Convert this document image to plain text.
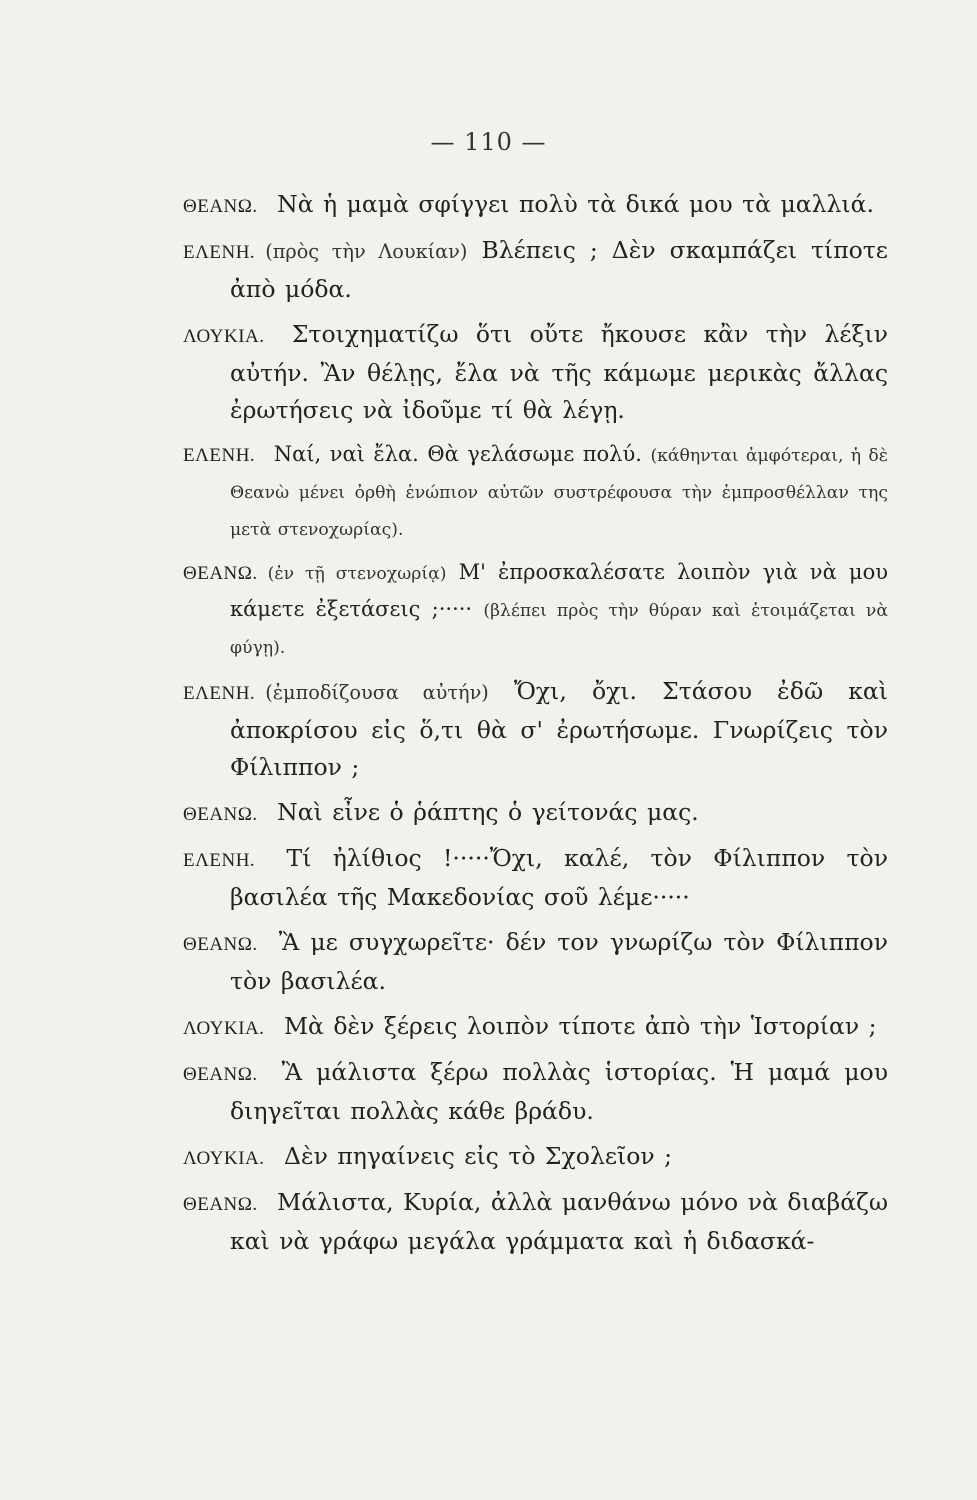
— 110 —

ΘΕΑΝΩ. Νὰ ἡ μαμὰ σφίγγει πολὺ τὰ δικά μου τὰ μαλλιά.

ΕΛΕΝΗ. (πρὸς τὴν Λουκίαν) Βλέπεις ; Δὲν σκαμπάζει τίποτε ἀπὸ μόδα.

ΛΟΥΚΙΑ. Στοιχηματίζω ὅτι οὔτε ἤκουσε κἂν τὴν λέξιν αὐτήν. Ἂν θέλῃς, ἔλα νὰ τῆς κάμωμε μερικὰς ἄλλας ἐρωτήσεις νὰ ἰδοῦμε τί θὰ λέγῃ.

ΕΛΕΝΗ. Ναί, ναὶ ἔλα. Θὰ γελάσωμε πολύ. (κάθηνται ἀμφότεραι, ἡ δὲ Θεανὼ μένει ὀρθὴ ἐνώπιον αὐτῶν συστρέφουσα τὴν ἐμπροσθέλλαν της μετὰ στενοχωρίας).

ΘΕΑΝΩ. (ἐν τῇ στενοχωρίᾳ) Μ' ἐπροσκαλέσατε λοιπὸν γιὰ νὰ μου κάμετε ἐξετάσεις ;····· (βλέπει πρὸς τὴν θύραν καὶ ἑτοιμάζεται νὰ φύγῃ).

ΕΛΕΝΗ. (ἐμποδίζουσα αὐτήν) Ὄχι, ὄχι. Στάσου ἐδῶ καὶ ἀποκρίσου εἰς ὅ,τι θὰ σ' ἐρωτήσωμε. Γνωρίζεις τὸν Φίλιππον ;

ΘΕΑΝΩ. Ναὶ εἶνε ὁ ῥάπτης ὁ γείτονάς μας.

ΕΛΕΝΗ. Τί ἠλίθιος !·····Ὄχι, καλέ, τὸν Φίλιππον τὸν βασιλέα τῆς Μακεδονίας σοῦ λέμε·····

ΘΕΑΝΩ. Ἂ με συγχωρεῖτε· δέν τον γνωρίζω τὸν Φίλιππον τὸν βασιλέα.

ΛΟΥΚΙΑ. Μὰ δὲν ξέρεις λοιπὸν τίποτε ἀπὸ τὴν Ἱστορίαν ;

ΘΕΑΝΩ. Ἂ μάλιστα ξέρω πολλὰς ἱστορίας. Ἡ μαμά μου διηγεῖται πολλὰς κάθε βράδυ.

ΛΟΥΚΙΑ. Δὲν πηγαίνεις εἰς τὸ Σχολεῖον ;

ΘΕΑΝΩ. Μάλιστα, Κυρία, ἀλλὰ μανθάνω μόνο νὰ διαβάζω καὶ νὰ γράφω μεγάλα γράμματα καὶ ἡ διδασκά-
